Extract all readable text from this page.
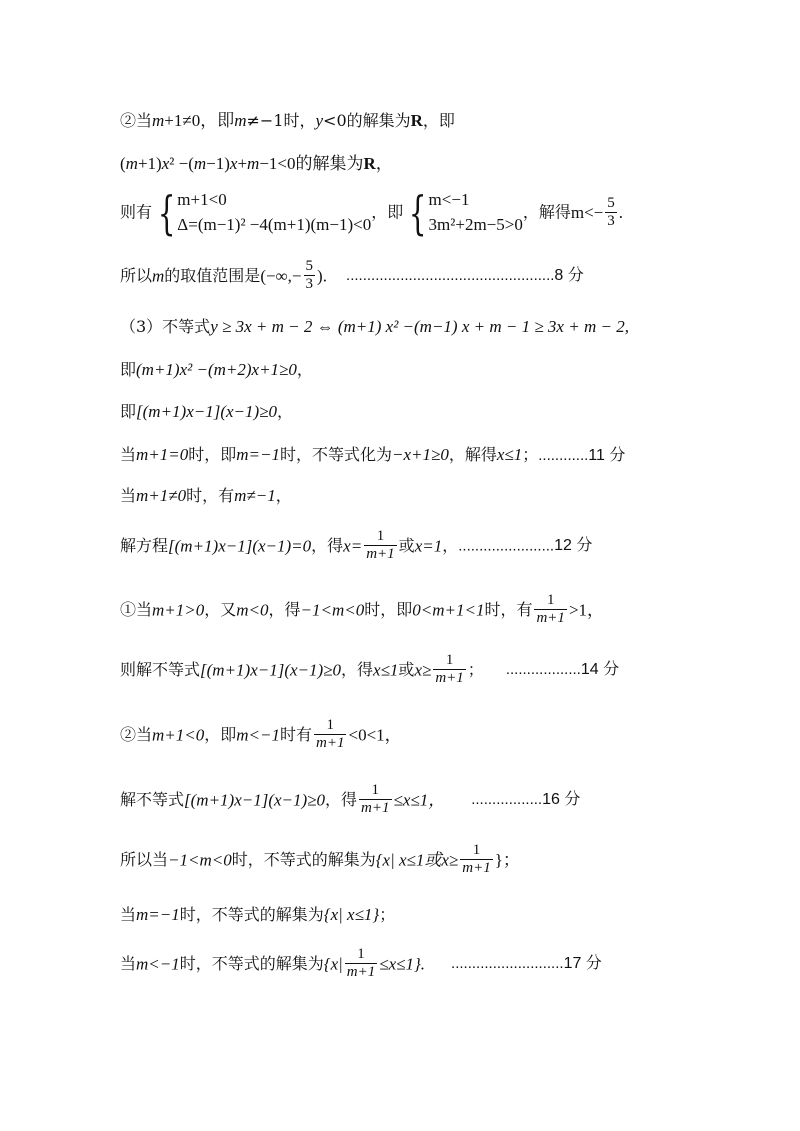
②当m+1≠0，即m≠−1时，y<0的解集为R，即
(m+1)x² −(m−1)x+m−1<0的解集为R，
则有 { m+1<0
Δ=(m−1)² −4(m+1)(m−1)<0
，即 { m<−1
3m²+2m−5>0
，解得$m<- \frac{5}{3}$ .
所以m的取值范围是(−∞,− $\frac{5}{3}$ ). ..................................................8 分
（3）不等式y ≥ 3x + m − 2 ⇔ (m+1) x² −(m−1) x + m − 1 ≥ 3x + m − 2,
即(m+1)x² −(m+2)x+1≥0，
即[(m+1)x−1](x−1)≥0，
当m+1=0时，即m=−1时，不等式化为−x+1≥0，解得x≤1；............11 分
当m+1≠0时，有m≠−1，
解方程[(m+1)x−1](x−1)=0，得$x= \frac{1}{m+1}$ 或x=1，.......................12 分
①当m+1>0，又m<0，得−1<m<0时，即0<m+1<1时，有 $\frac{1}{m+1} >1$，
则解不等式[(m+1)x−1](x−1)≥0，得x≤1或$x\ge \frac{1}{m+1}$ ； ..................14 分
②当m+1<0，即m<−1时有 $\frac{1}{m+1} <0<1$，
解不等式[(m+1)x−1](x−1)≥0，得 $\frac{1}{m+1} \le x\le 1$， .................16 分
所以当−1<m<0时，不等式的解集为{x| x≤1或$x\ge \frac{1}{m+1}$ }；
当m=−1时，不等式的解集为{x| x≤1}；
当m<−1时，不等式的解集为$\{x| \frac{1}{m+1} \le x\le 1\}$. ...........................17 分
